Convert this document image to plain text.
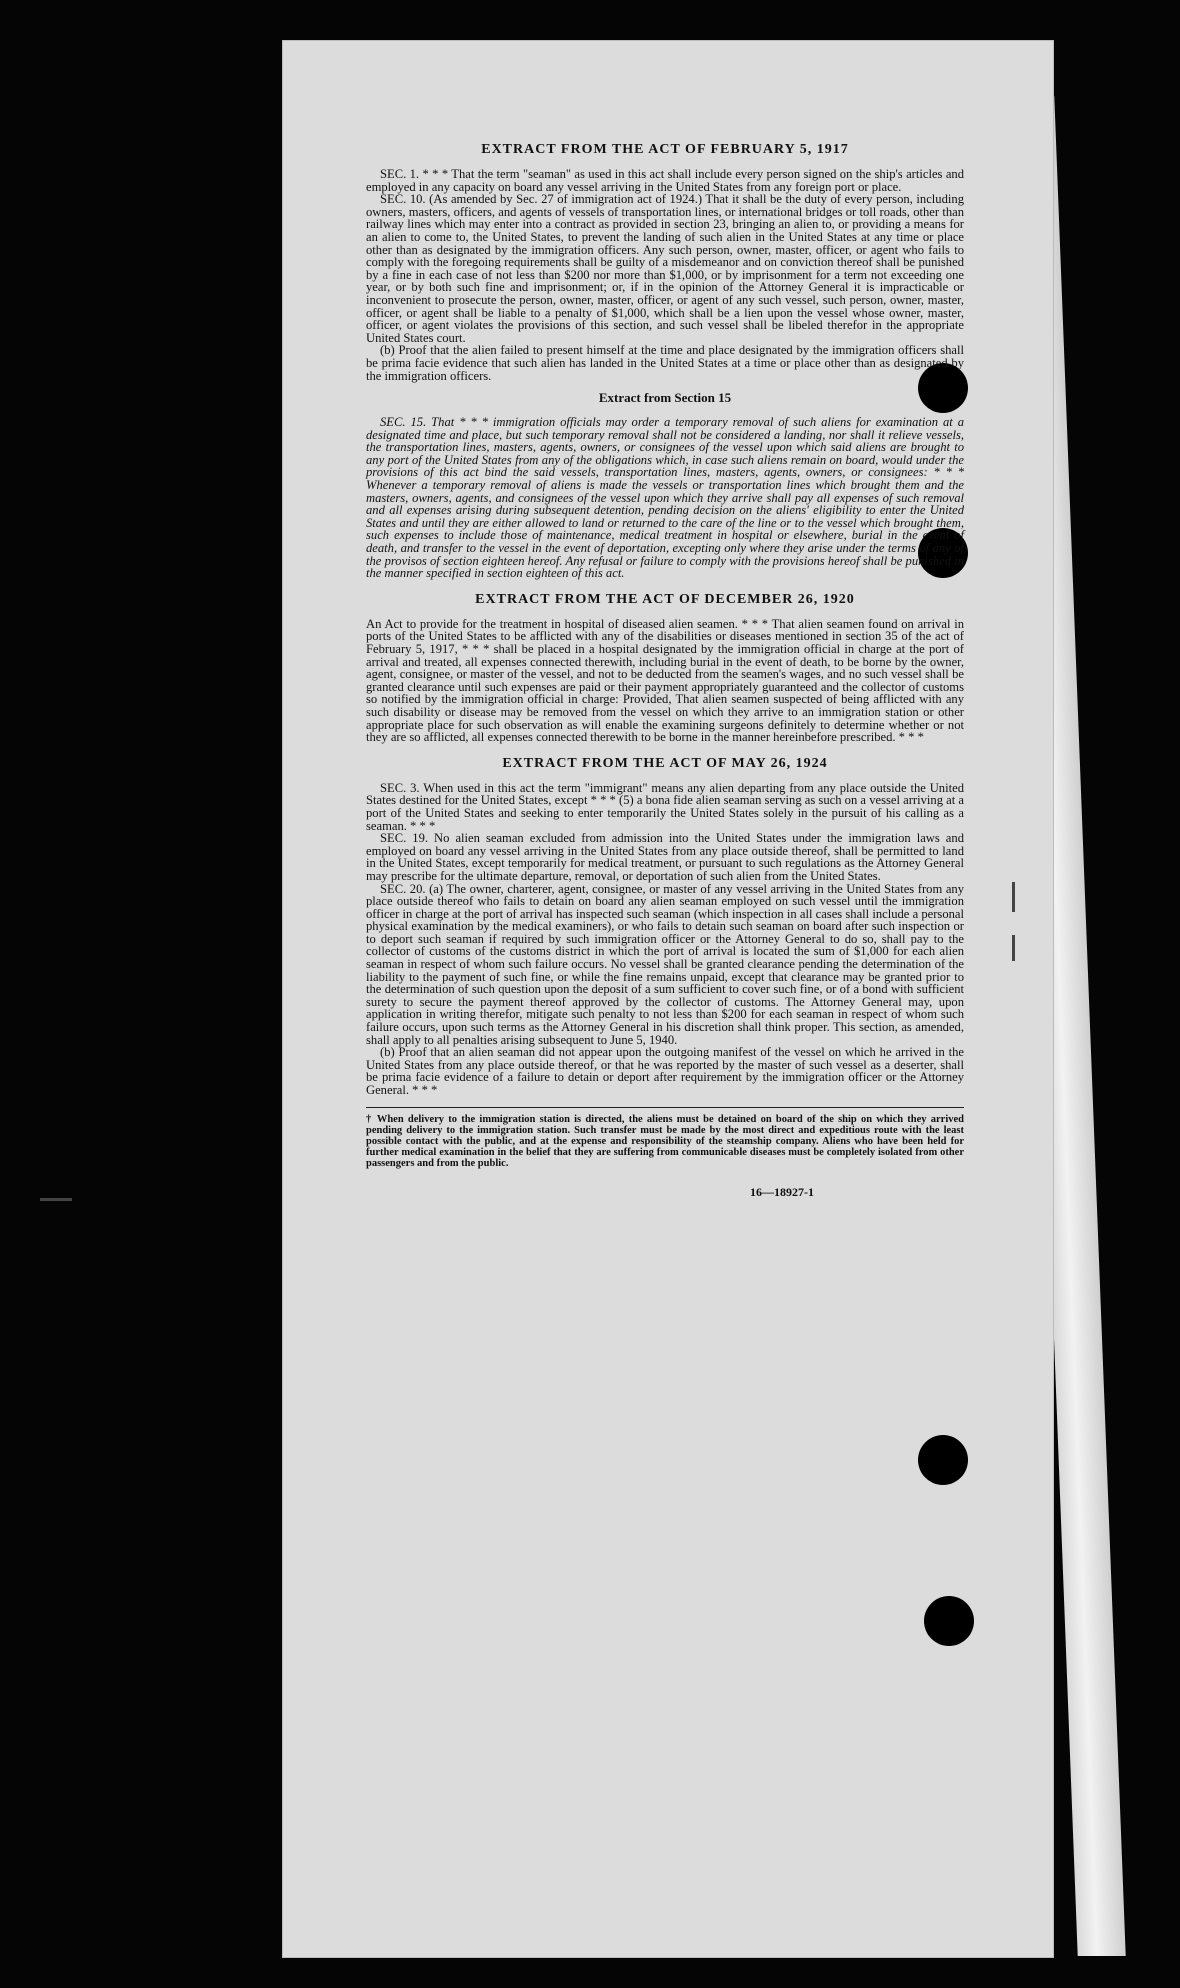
EXTRACT FROM THE ACT OF FEBRUARY 5, 1917

SEC. 1. * * * That the term "seaman" as used in this act shall include every person signed on the ship's articles and employed in any capacity on board any vessel arriving in the United States from any foreign port or place.

SEC. 10. (As amended by Sec. 27 of immigration act of 1924.) That it shall be the duty of every person, including owners, masters, officers, and agents of vessels of transportation lines, or international bridges or toll roads, other than railway lines which may enter into a contract as provided in section 23, bringing an alien to, or providing a means for an alien to come to, the United States, to prevent the landing of such alien in the United States at any time or place other than as designated by the immigration officers. Any such person, owner, master, officer, or agent who fails to comply with the foregoing requirements shall be guilty of a misdemeanor and on conviction thereof shall be punished by a fine in each case of not less than $200 nor more than $1,000, or by imprisonment for a term not exceeding one year, or by both such fine and imprisonment; or, if in the opinion of the Attorney General it is impracticable or inconvenient to prosecute the person, owner, master, officer, or agent of any such vessel, such person, owner, master, officer, or agent shall be liable to a penalty of $1,000, which shall be a lien upon the vessel whose owner, master, officer, or agent violates the provisions of this section, and such vessel shall be libeled therefor in the appropriate United States court.

(b) Proof that the alien failed to present himself at the time and place designated by the immigration officers shall be prima facie evidence that such alien has landed in the United States at a time or place other than as designated by the immigration officers.

Extract from Section 15

SEC. 15. That * * * immigration officials may order a temporary removal of such aliens for examination at a designated time and place, but such temporary removal shall not be considered a landing, nor shall it relieve vessels, the transportation lines, masters, agents, owners, or consignees of the vessel upon which said aliens are brought to any port of the United States from any of the obligations which, in case such aliens remain on board, would under the provisions of this act bind the said vessels, transportation lines, masters, agents, owners, or consignees: * * * Whenever a temporary removal of aliens is made the vessels or transportation lines which brought them and the masters, owners, agents, and consignees of the vessel upon which they arrive shall pay all expenses of such removal and all expenses arising during subsequent detention, pending decision on the aliens' eligibility to enter the United States and until they are either allowed to land or returned to the care of the line or to the vessel which brought them, such expenses to include those of maintenance, medical treatment in hospital or elsewhere, burial in the event of death, and transfer to the vessel in the event of deportation, excepting only where they arise under the terms of any of the provisos of section eighteen hereof. Any refusal or failure to comply with the provisions hereof shall be punished in the manner specified in section eighteen of this act.

EXTRACT FROM THE ACT OF DECEMBER 26, 1920

An Act to provide for the treatment in hospital of diseased alien seamen. * * * That alien seamen found on arrival in ports of the United States to be afflicted with any of the disabilities or diseases mentioned in section 35 of the act of February 5, 1917, * * * shall be placed in a hospital designated by the immigration official in charge at the port of arrival and treated, all expenses connected therewith, including burial in the event of death, to be borne by the owner, agent, consignee, or master of the vessel, and not to be deducted from the seamen's wages, and no such vessel shall be granted clearance until such expenses are paid or their payment appropriately guaranteed and the collector of customs so notified by the immigration official in charge: Provided, That alien seamen suspected of being afflicted with any such disability or disease may be removed from the vessel on which they arrive to an immigration station or other appropriate place for such observation as will enable the examining surgeons definitely to determine whether or not they are so afflicted, all expenses connected therewith to be borne in the manner hereinbefore prescribed. * * *

EXTRACT FROM THE ACT OF MAY 26, 1924

SEC. 3. When used in this act the term "immigrant" means any alien departing from any place outside the United States destined for the United States, except * * * (5) a bona fide alien seaman serving as such on a vessel arriving at a port of the United States and seeking to enter temporarily the United States solely in the pursuit of his calling as a seaman. * * *

SEC. 19. No alien seaman excluded from admission into the United States under the immigration laws and employed on board any vessel arriving in the United States from any place outside thereof, shall be permitted to land in the United States, except temporarily for medical treatment, or pursuant to such regulations as the Attorney General may prescribe for the ultimate departure, removal, or deportation of such alien from the United States.

SEC. 20. (a) The owner, charterer, agent, consignee, or master of any vessel arriving in the United States from any place outside thereof who fails to detain on board any alien seaman employed on such vessel until the immigration officer in charge at the port of arrival has inspected such seaman (which inspection in all cases shall include a personal physical examination by the medical examiners), or who fails to detain such seaman on board after such inspection or to deport such seaman if required by such immigration officer or the Attorney General to do so, shall pay to the collector of customs of the customs district in which the port of arrival is located the sum of $1,000 for each alien seaman in respect of whom such failure occurs. No vessel shall be granted clearance pending the determination of the liability to the payment of such fine, or while the fine remains unpaid, except that clearance may be granted prior to the determination of such question upon the deposit of a sum sufficient to cover such fine, or of a bond with sufficient surety to secure the payment thereof approved by the collector of customs. The Attorney General may, upon application in writing therefor, mitigate such penalty to not less than $200 for each seaman in respect of whom such failure occurs, upon such terms as the Attorney General in his discretion shall think proper. This section, as amended, shall apply to all penalties arising subsequent to June 5, 1940.

(b) Proof that an alien seaman did not appear upon the outgoing manifest of the vessel on which he arrived in the United States from any place outside thereof, or that he was reported by the master of such vessel as a deserter, shall be prima facie evidence of a failure to detain or deport after requirement by the immigration officer or the Attorney General. * * *

† When delivery to the immigration station is directed, the aliens must be detained on board of the ship on which they arrived pending delivery to the immigration station. Such transfer must be made by the most direct and expeditious route with the least possible contact with the public, and at the expense and responsibility of the steamship company. Aliens who have been held for further medical examination in the belief that they are suffering from communicable diseases must be completely isolated from other passengers and from the public.
16—18927-1
